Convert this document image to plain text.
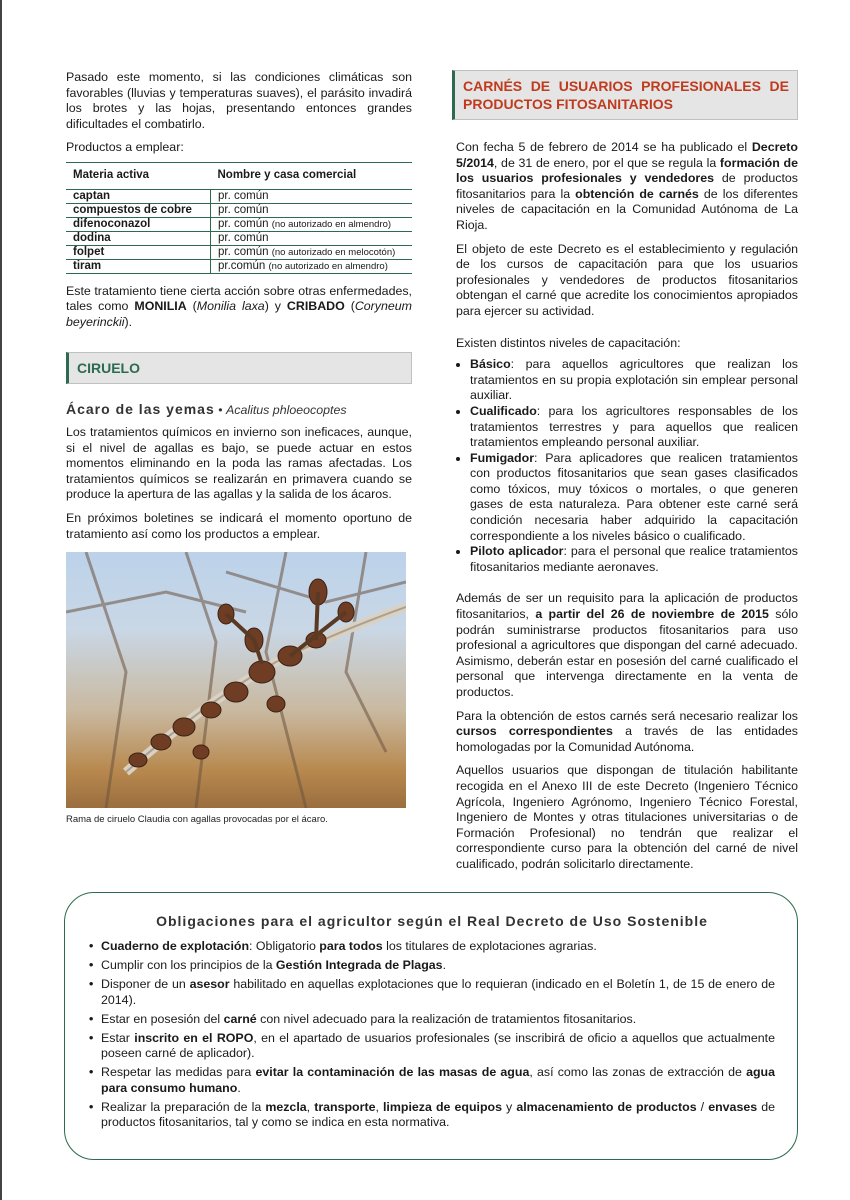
Pasado este momento, si las condiciones climáticas son favorables (lluvias y temperaturas suaves), el parásito invadirá los brotes y las hojas, presentando entonces grandes dificultades el combatirlo.

Productos a emplear:

Materia activa	Nombre y casa comercial
captan	pr. común
compuestos de cobre	pr. común
difenoconazol	pr. común (no autorizado en almendro)
dodina	pr. común
folpet	pr. común (no autorizado en melocotón)
tiram	pr.común (no autorizado en almendro)

Este tratamiento tiene cierta acción sobre otras enfermedades, tales como MONILIA (Monilia laxa) y CRIBADO (Coryneum beyerinckii).

CIRUELO
Ácaro de las yemas • Acalitus phloeocoptes

Los tratamientos químicos en invierno son ineficaces, aunque, si el nivel de agallas es bajo, se puede actuar en estos momentos eliminando en la poda las ramas afectadas. Los tratamientos químicos se realizarán en primavera cuando se produce la apertura de las agallas y la salida de los ácaros.

En próximos boletines se indicará el momento oportuno de tratamiento así como los productos a emplear.

Rama de ciruelo Claudia con agallas provocadas por el ácaro.
CARNÉS DE USUARIOS PROFESIONALES DE PRODUCTOS FITOSANITARIOS

Con fecha 5 de febrero de 2014 se ha publicado el Decreto 5/2014, de 31 de enero, por el que se regula la formación de los usuarios profesionales y vendedores de productos fitosanitarios para la obtención de carnés de los diferentes niveles de capacitación en la Comunidad Autónoma de La Rioja.

El objeto de este Decreto es el establecimiento y regulación de los cursos de capacitación para que los usuarios profesionales y vendedores de productos fitosanitarios obtengan el carné que acredite los conocimientos apropiados para ejercer su actividad.

Existen distintos niveles de capacitación:

• Básico: para aquellos agricultores que realizan los tratamientos en su propia explotación sin emplear personal auxiliar.
• Cualificado: para los agricultores responsables de los tratamientos terrestres y para aquellos que realicen tratamientos empleando personal auxiliar.
• Fumigador: Para aplicadores que realicen tratamientos con productos fitosanitarios que sean gases clasificados como tóxicos, muy tóxicos o mortales, o que generen gases de esta naturaleza. Para obtener este carné será condición necesaria haber adquirido la capacitación correspondiente a los niveles básico o cualificado.
• Piloto aplicador: para el personal que realice tratamientos fitosanitarios mediante aeronaves.

Además de ser un requisito para la aplicación de productos fitosanitarios, a partir del 26 de noviembre de 2015 sólo podrán suministrarse productos fitosanitarios para uso profesional a agricultores que dispongan del carné adecuado. Asimismo, deberán estar en posesión del carné cualificado el personal que intervenga directamente en la venta de productos.

Para la obtención de estos carnés será necesario realizar los cursos correspondientes a través de las entidades homologadas por la Comunidad Autónoma.

Aquellos usuarios que dispongan de titulación habilitante recogida en el Anexo III de este Decreto (Ingeniero Técnico Agrícola, Ingeniero Agrónomo, Ingeniero Técnico Forestal, Ingeniero de Montes y otras titulaciones universitarias o de Formación Profesional) no tendrán que realizar el correspondiente curso para la obtención del carné de nivel cualificado, podrán solicitarlo directamente.

Obligaciones para el agricultor según el Real Decreto de Uso Sostenible
• Cuaderno de explotación: Obligatorio para todos los titulares de explotaciones agrarias.
• Cumplir con los principios de la Gestión Integrada de Plagas.
• Disponer de un asesor habilitado en aquellas explotaciones que lo requieran (indicado en el Boletín 1, de 15 de enero de 2014).
• Estar en posesión del carné con nivel adecuado para la realización de tratamientos fitosanitarios.
• Estar inscrito en el ROPO, en el apartado de usuarios profesionales (se inscribirá de oficio a aquellos que actualmente poseen carné de aplicador).
• Respetar las medidas para evitar la contaminación de las masas de agua, así como las zonas de extracción de agua para consumo humano.
• Realizar la preparación de la mezcla, transporte, limpieza de equipos y almacenamiento de productos / envases de productos fitosanitarios, tal y como se indica en esta normativa.
